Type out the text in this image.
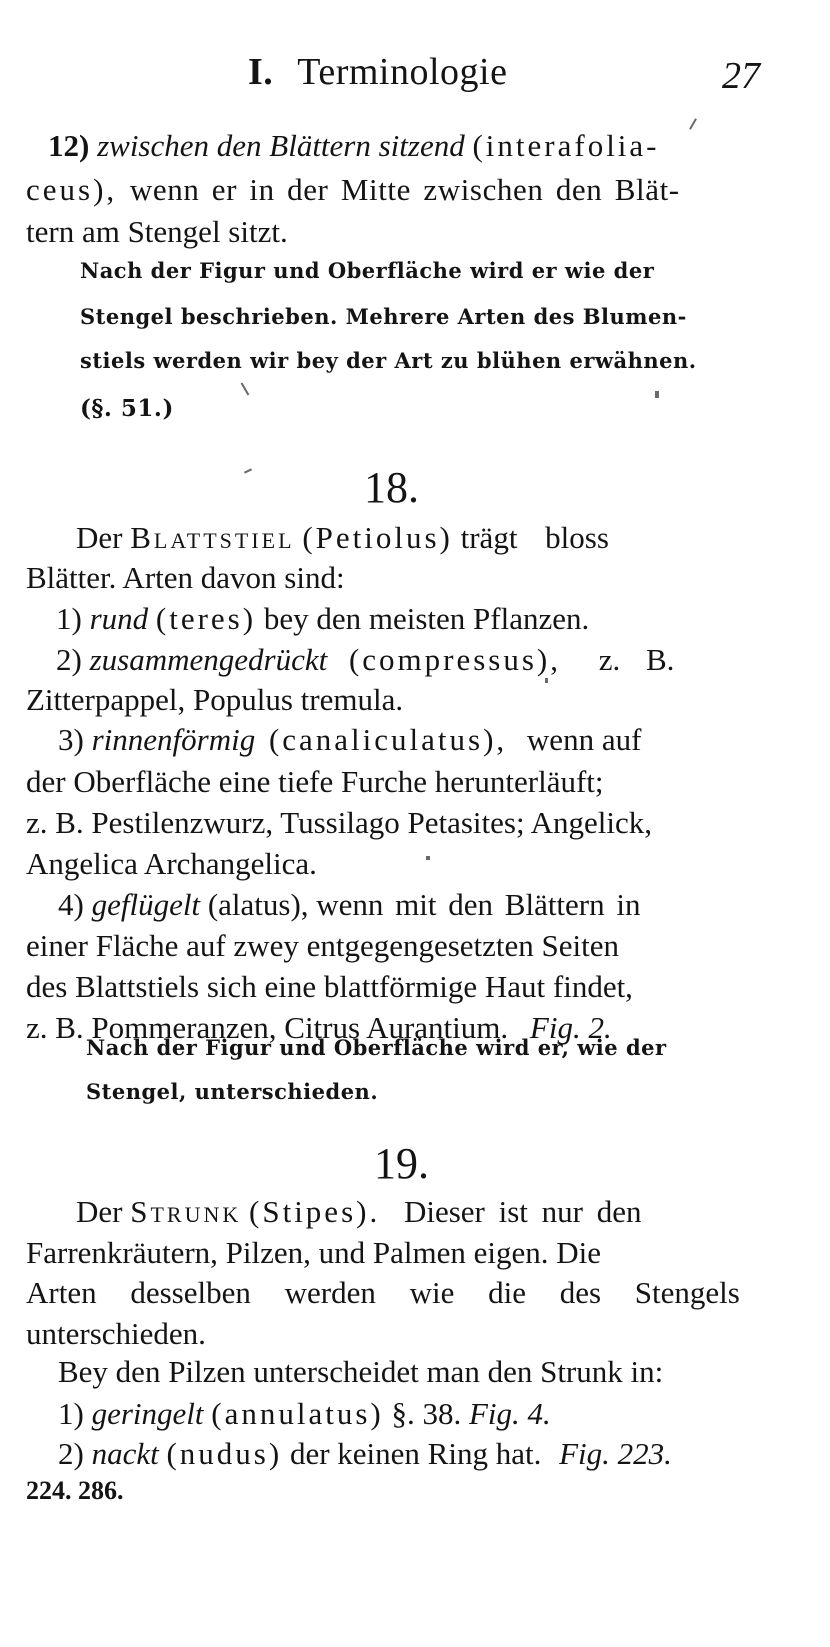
I. Terminologie	27
12) zwischen den Blättern sitzend (interafolia-
ceus), wenn er in der Mitte zwischen den Blät-
tern am Stengel sitzt.
Nach der Figur und Oberfläche wird er wie der
Stengel beschrieben. Mehrere Arten des Blumen-
stiels werden wir bey der Art zu blühen erwähnen.
(§. 51.)
18.
Der Blattstiel (Petiolus) trägt bloss
Blätter. Arten davon sind:
1) rund (teres) bey den meisten Pflanzen.
2) zusammengedrückt (compressus), z. B.
Zitterpappel, Populus tremula.
3) rinnenförmig (canaliculatus), wenn auf
der Oberfläche eine tiefe Furche herunterläuft;
z. B. Pestilenzwurz, Tussilago Petasites; Angelick,
Angelica Archangelica.
4) geflügelt (alatus), wenn mit den Blättern in
einer Fläche auf zwey entgegengesetzten Seiten
des Blattstiels sich eine blattförmige Haut findet,
z. B. Pommeranzen, Citrus Aurantium. Fig. 2.
Nach der Figur und Oberfläche wird er, wie der
Stengel, unterschieden.
19.
Der Strunk (Stipes). Dieser ist nur den
Farrenkräutern, Pilzen, und Palmen eigen. Die
Arten desselben werden wie die des Stengels
unterschieden.
Bey den Pilzen unterscheidet man den Strunk in:
1) geringelt (annulatus) §. 38. Fig. 4.
2) nackt (nudus) der keinen Ring hat. Fig. 223.
224. 286.
